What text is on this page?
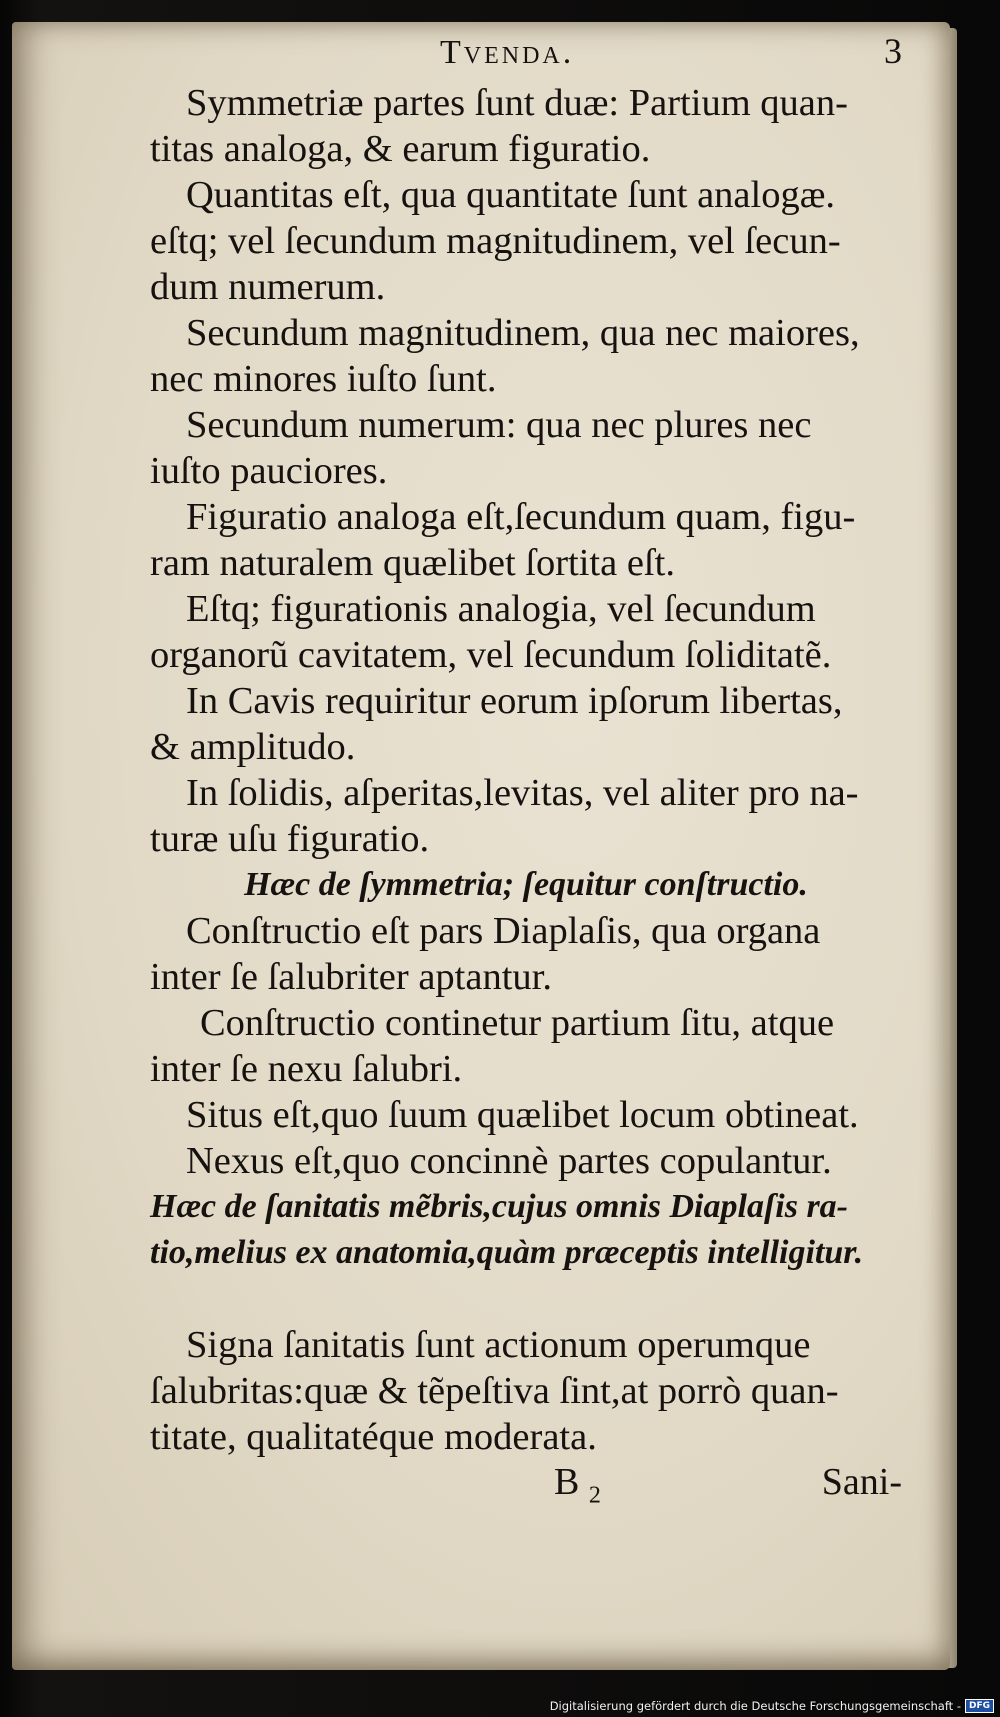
Tvenda.	3

Symmetriæ partes ſunt duæ: Partium quan-

titas analoga, & earum figuratio.

Quantitas eſt, qua quantitate ſunt analogæ.

eſtq; vel ſecundum magnitudinem, vel ſecun-

dum numerum.

Secundum magnitudinem, qua nec maiores,

nec minores iuſto ſunt.

Secundum numerum: qua nec plures nec

iuſto pauciores.

Figuratio analoga eſt,ſecundum quam, figu-

ram naturalem quælibet ſortita eſt.

Eſtq; figurationis analogia, vel ſecundum

organorũ cavitatem, vel ſecundum ſoliditatẽ.

In Cavis requiritur eorum ipſorum libertas,

& amplitudo.

In ſolidis, aſperitas,levitas, vel aliter pro na-

turæ uſu figuratio.

Hæc de ſymmetria; ſequitur conſtructio.

Conſtructio eſt pars Diaplaſis, qua organa

inter ſe ſalubriter aptantur.

Conſtructio continetur partium ſitu, atque

inter ſe nexu ſalubri.

Situs eſt,quo ſuum quælibet locum obtineat.

Nexus eſt,quo concinnè partes copulantur.

Hæc de ſanitatis mẽbris,cujus omnis Diaplaſis ra-

tio,melius ex anatomia,quàm præceptis intelligitur.

Signa ſanitatis ſunt actionum operumque

ſalubritas:quæ & tẽpeſtiva ſint,at porrò quan-

titate, qualitatéque moderata.

B $_2$	Sani-
Digitalisierung gefördert durch die Deutsche Forschungsgemeinschaft - DFG
